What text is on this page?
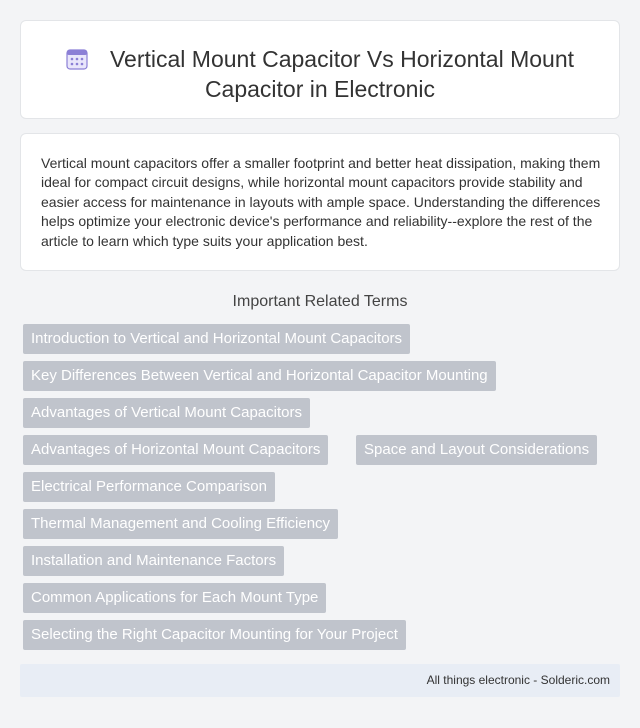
Vertical Mount Capacitor Vs Horizontal Mount
Capacitor in Electronic
Vertical mount capacitors offer a smaller footprint and better heat dissipation, making them ideal for compact circuit designs, while horizontal mount capacitors provide stability and easier access for maintenance in layouts with ample space. Understanding the differences helps optimize your electronic device's performance and reliability--explore the rest of the article to learn which type suits your application best.
Important Related Terms
Introduction to Vertical and Horizontal Mount Capacitors
Key Differences Between Vertical and Horizontal Capacitor Mounting
Advantages of Vertical Mount Capacitors
Advantages of Horizontal Mount Capacitors	Space and Layout Considerations
Electrical Performance Comparison
Thermal Management and Cooling Efficiency
Installation and Maintenance Factors
Common Applications for Each Mount Type
Selecting the Right Capacitor Mounting for Your Project
All things electronic - Solderic.com
